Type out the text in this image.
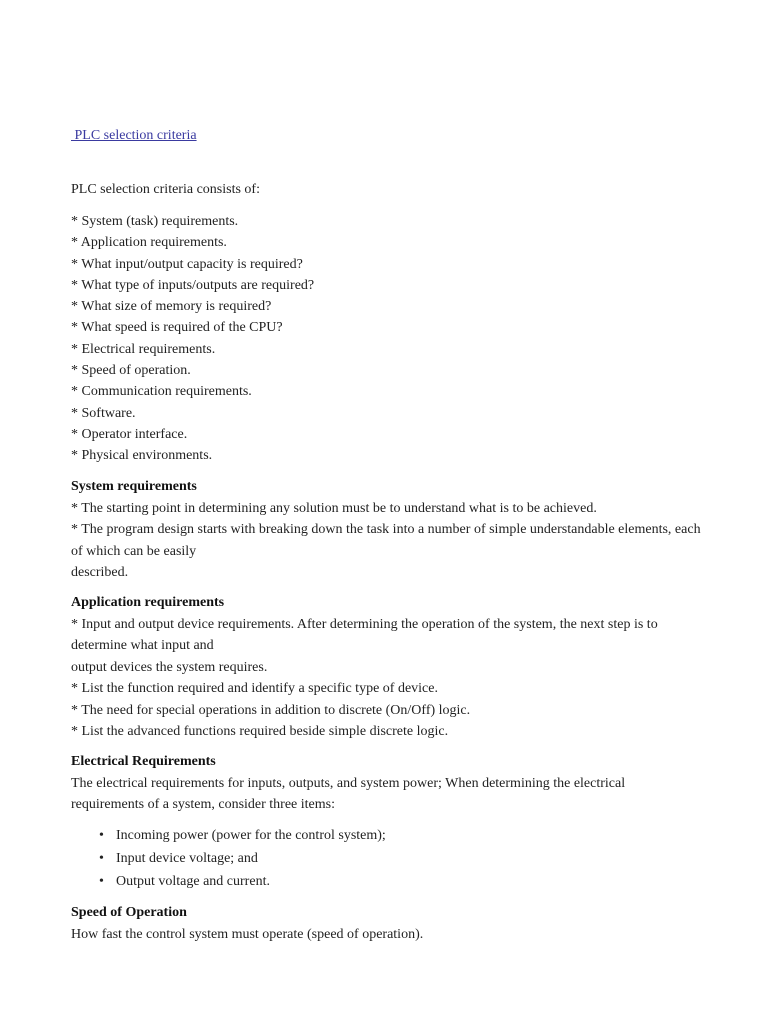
PLC selection criteria
PLC selection criteria consists of:
* System (task) requirements.
* Application requirements.
* What input/output capacity is required?
* What type of inputs/outputs are required?
* What size of memory is required?
* What speed is required of the CPU?
* Electrical requirements.
* Speed of operation.
* Communication requirements.
* Software.
* Operator interface.
* Physical environments.
System requirements

* The starting point in determining any solution must be to understand what is to be achieved.

* The program design starts with breaking down the task into a number of simple understandable elements, each of which can be easily

described.

Application requirements

* Input and output device requirements. After determining the operation of the system, the next step is to determine what input and

output devices the system requires.

* List the function required and identify a specific type of device.

* The need for special operations in addition to discrete (On/Off) logic.

* List the advanced functions required beside simple discrete logic.

Electrical Requirements

The electrical requirements for inputs, outputs, and system power; When determining the electrical requirements of a system, consider three items:

• Incoming power (power for the control system);
• Input device voltage; and
• Output voltage and current.
Speed of Operation

How fast the control system must operate (speed of operation).
